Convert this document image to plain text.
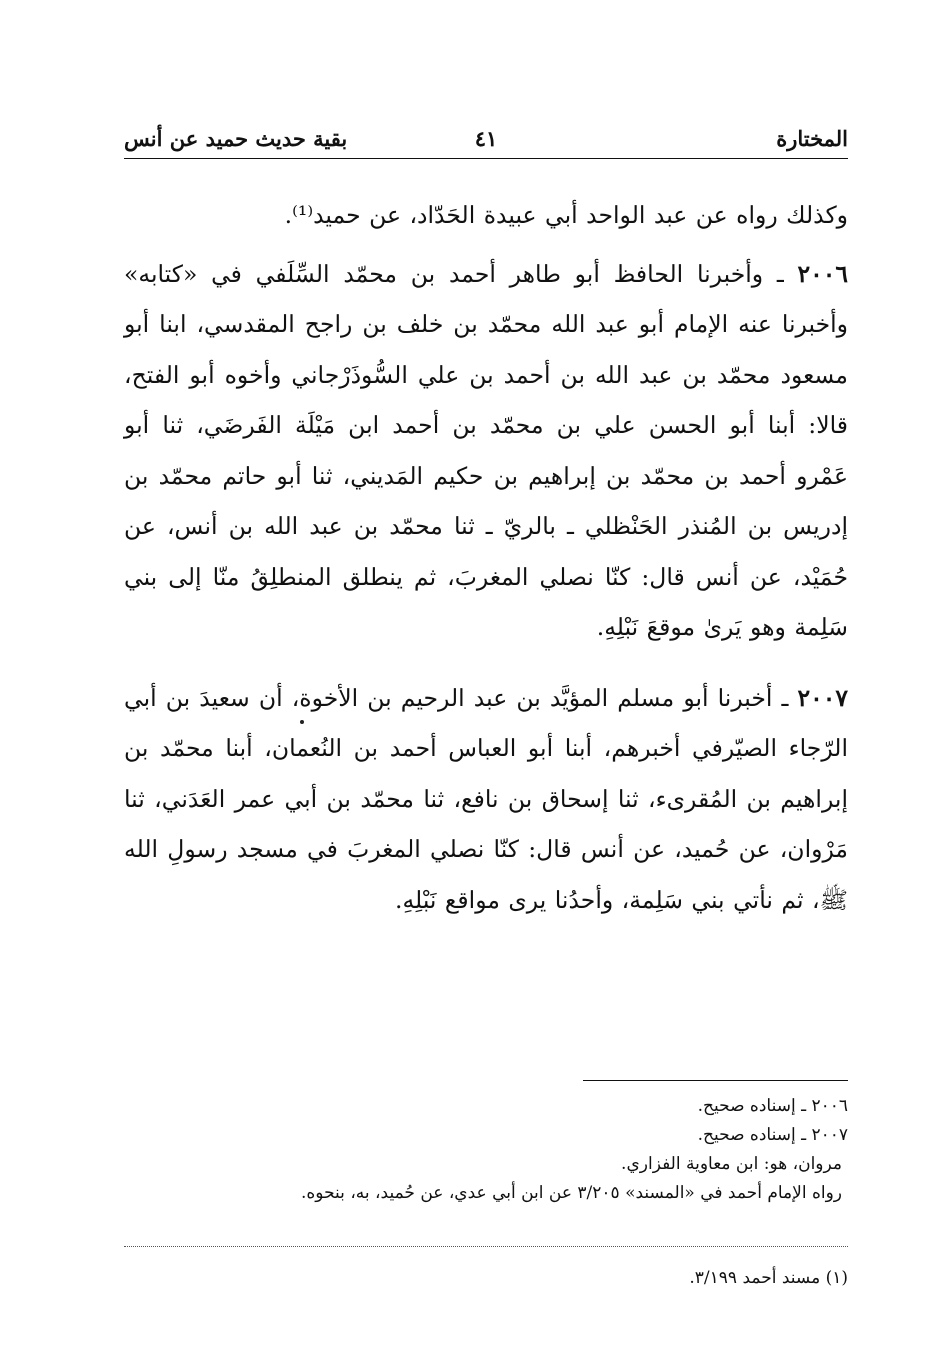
المختارة
٤١
بقية حديث حميد عن أنس

وكذلك رواه عن عبد الواحد أبي عبيدة الحَدّاد، عن حميد⁽¹⁾.

٢٠٠٦ ـ وأخبرنا الحافظ أبو طاهر أحمد بن محمّد السِّلَفي في «كتابه» وأخبرنا عنه الإمام أبو عبد الله محمّد بن خلف بن راجح المقدسي، ابنا أبو مسعود محمّد بن عبد الله بن أحمد بن علي السُّوذَرْجاني وأخوه أبو الفتح، قالا: أبنا أبو الحسن علي بن محمّد بن أحمد ابن مَيْلَة الفَرضَي، ثنا أبو عَمْرو أحمد بن محمّد بن إبراهيم بن حكيم المَديني، ثنا أبو حاتم محمّد بن إدريس بن المُنذر الحَنْظلي ـ بالريّ ـ ثنا محمّد بن عبد الله بن أنس، عن حُمَيْد، عن أنس قال: كنّا نصلي المغربَ، ثم ينطلق المنطلِقُ منّا إلى بني سَلِمة وهو يَرىٰ موقعَ نَبْلِهِ.

٢٠٠٧ ـ أخبرنا أبو مسلم المؤيَّد بن عبد الرحيم بن الأخوة، أن سعيدَ بن أبي الرّجاء الصيّرفي أخبرهم، أبنا أبو العباس أحمد بن النُعمان، أبنا محمّد بن إبراهيم بن المُقرىء، ثنا إسحاق بن نافع، ثنا محمّد بن أبي عمر العَدَني، ثنا مَرْوان، عن حُميد، عن أنس قال: كنّا نصلي المغربَ في مسجد رسولِ الله ﷺ، ثم نأتي بني سَلِمة، وأحدُنا يرى مواقع نَبْلِهِ.

٢٠٠٦ ـ إسناده صحيح.

٢٠٠٧ ـ إسناده صحيح.

مروان، هو: ابن معاوية الفزاري.

رواه الإمام أحمد في «المسند» ٣/٢٠٥ عن ابن أبي عدي، عن حُميد، به، بنحوه.

(١) مسند أحمد ٣/١٩٩.
